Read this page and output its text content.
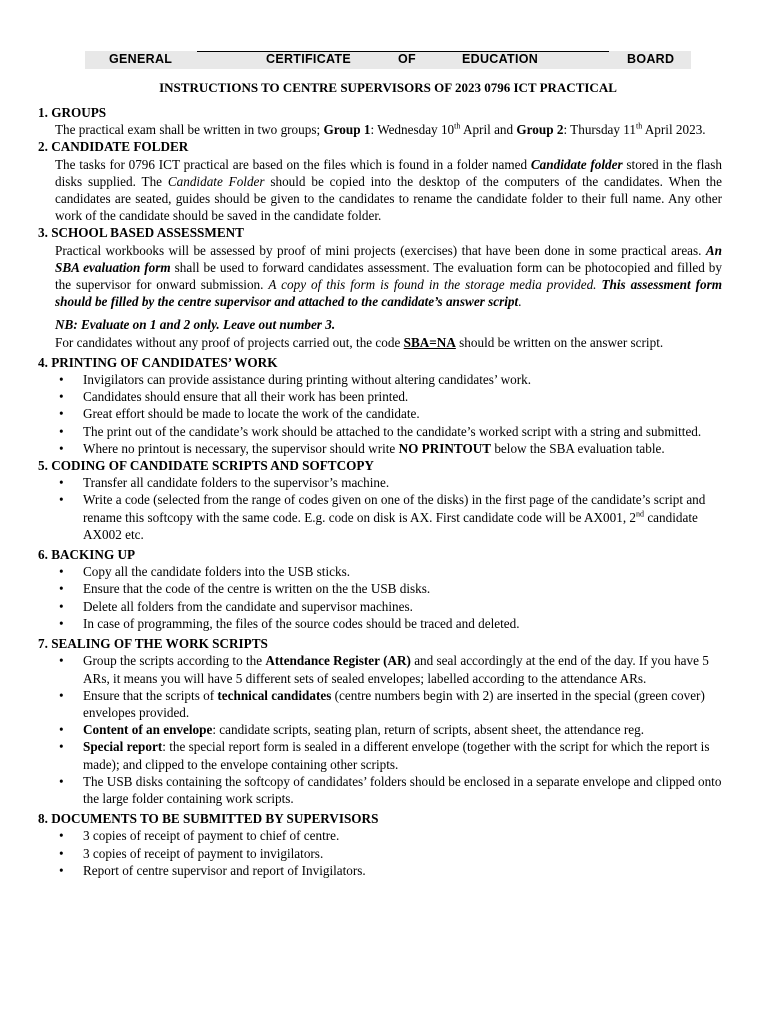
GENERAL	CERTIFICATE	OF	EDUCATION	BOARD
INSTRUCTIONS TO CENTRE SUPERVISORS OF 2023 0796 ICT PRACTICAL
1. GROUPS

The practical exam shall be written in two groups; Group 1: Wednesday 10th April and Group 2: Thursday 11th April 2023.

2. CANDIDATE FOLDER

The tasks for 0796 ICT practical are based on the files which is found in a folder named Candidate folder stored in the flash disks supplied. The Candidate Folder should be copied into the desktop of the computers of the candidates. When the candidates are seated, guides should be given to the candidates to rename the candidate folder to their full name. Any other work of the candidate should be saved in the candidate folder.

3. SCHOOL BASED ASSESSMENT

Practical workbooks will be assessed by proof of mini projects (exercises) that have been done in some practical areas. An SBA evaluation form shall be used to forward candidates assessment. The evaluation form can be photocopied and filled by the supervisor for onward submission. A copy of this form is found in the storage media provided. This assessment form should be filled by the centre supervisor and attached to the candidate’s answer script.

NB: Evaluate on 1 and 2 only. Leave out number 3.

For candidates without any proof of projects carried out, the code SBA=NA should be written on the answer script.

4. PRINTING OF CANDIDATES’ WORK
• Invigilators can provide assistance during printing without altering candidates’ work.
• Candidates should ensure that all their work has been printed.
• Great effort should be made to locate the work of the candidate.
• The print out of the candidate’s work should be attached to the candidate’s worked script with a string and submitted.
• Where no printout is necessary, the supervisor should write NO PRINTOUT below the SBA evaluation table.
5. CODING OF CANDIDATE SCRIPTS AND SOFTCOPY
• Transfer all candidate folders to the supervisor’s machine.
• Write a code (selected from the range of codes given on one of the disks) in the first page of the candidate’s script and rename this softcopy with the same code. E.g. code on disk is AX. First candidate code will be AX001, 2nd candidate AX002 etc.
6. BACKING UP
• Copy all the candidate folders into the USB sticks.
• Ensure that the code of the centre is written on the the USB disks.
• Delete all folders from the candidate and supervisor machines.
• In case of programming, the files of the source codes should be traced and deleted.
7. SEALING OF THE WORK SCRIPTS
• Group the scripts according to the Attendance Register (AR) and seal accordingly at the end of the day. If you have 5 ARs, it means you will have 5 different sets of sealed envelopes; labelled according to the attendance ARs.
• Ensure that the scripts of technical candidates (centre numbers begin with 2) are inserted in the special (green cover) envelopes provided.
• Content of an envelope: candidate scripts, seating plan, return of scripts, absent sheet, the attendance reg.
• Special report: the special report form is sealed in a different envelope (together with the script for which the report is made); and clipped to the envelope containing other scripts.
• The USB disks containing the softcopy of candidates’ folders should be enclosed in a separate envelope and clipped onto the large folder containing work scripts.
8. DOCUMENTS TO BE SUBMITTED BY SUPERVISORS
• 3 copies of receipt of payment to chief of centre.
• 3 copies of receipt of payment to invigilators.
• Report of centre supervisor and report of Invigilators.
